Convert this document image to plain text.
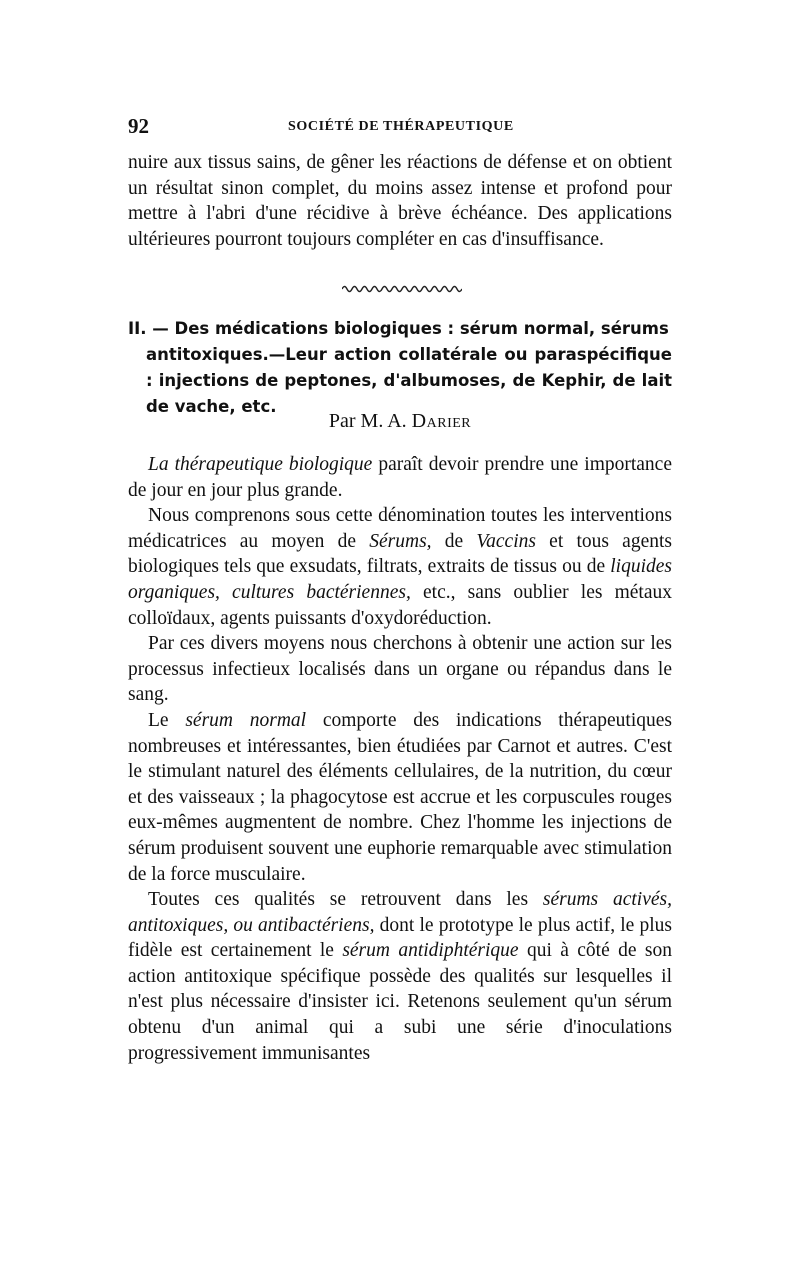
92	SOCIÉTÉ DE THÉRAPEUTIQUE

nuire aux tissus sains, de gêner les réactions de défense et on obtient un résultat sinon complet, du moins assez intense et profond pour mettre à l'abri d'une récidive à brève échéance. Des applications ultérieures pourront toujours compléter en cas d'insuffisance.

II. — Des médications biologiques : sérum normal, sérums
antitoxiques.—Leur action collatérale ou paraspécifique : injections de peptones, d'albumoses, de Kephir, de lait de vache, etc.
Par M. A. Darier

La thérapeutique biologique paraît devoir prendre une importance de jour en jour plus grande.

Nous comprenons sous cette dénomination toutes les interventions médicatrices au moyen de Sérums, de Vaccins et tous agents biologiques tels que exsudats, filtrats, extraits de tissus ou de liquides organiques, cultures bactériennes, etc., sans oublier les métaux colloïdaux, agents puissants d'oxydoréduction.

Par ces divers moyens nous cherchons à obtenir une action sur les processus infectieux localisés dans un organe ou répandus dans le sang.

Le sérum normal comporte des indications thérapeutiques nombreuses et intéressantes, bien étudiées par Carnot et autres. C'est le stimulant naturel des éléments cellulaires, de la nutrition, du cœur et des vaisseaux ; la phagocytose est accrue et les corpuscules rouges eux-mêmes augmentent de nombre. Chez l'homme les injections de sérum produisent souvent une euphorie remarquable avec stimulation de la force musculaire.

Toutes ces qualités se retrouvent dans les sérums activés, antitoxiques, ou antibactériens, dont le prototype le plus actif, le plus fidèle est certainement le sérum antidiphtérique qui à côté de son action antitoxique spécifique possède des qualités sur lesquelles il n'est plus nécessaire d'insister ici. Retenons seulement qu'un sérum obtenu d'un animal qui a subi une série d'inoculations progressivement immunisantes
